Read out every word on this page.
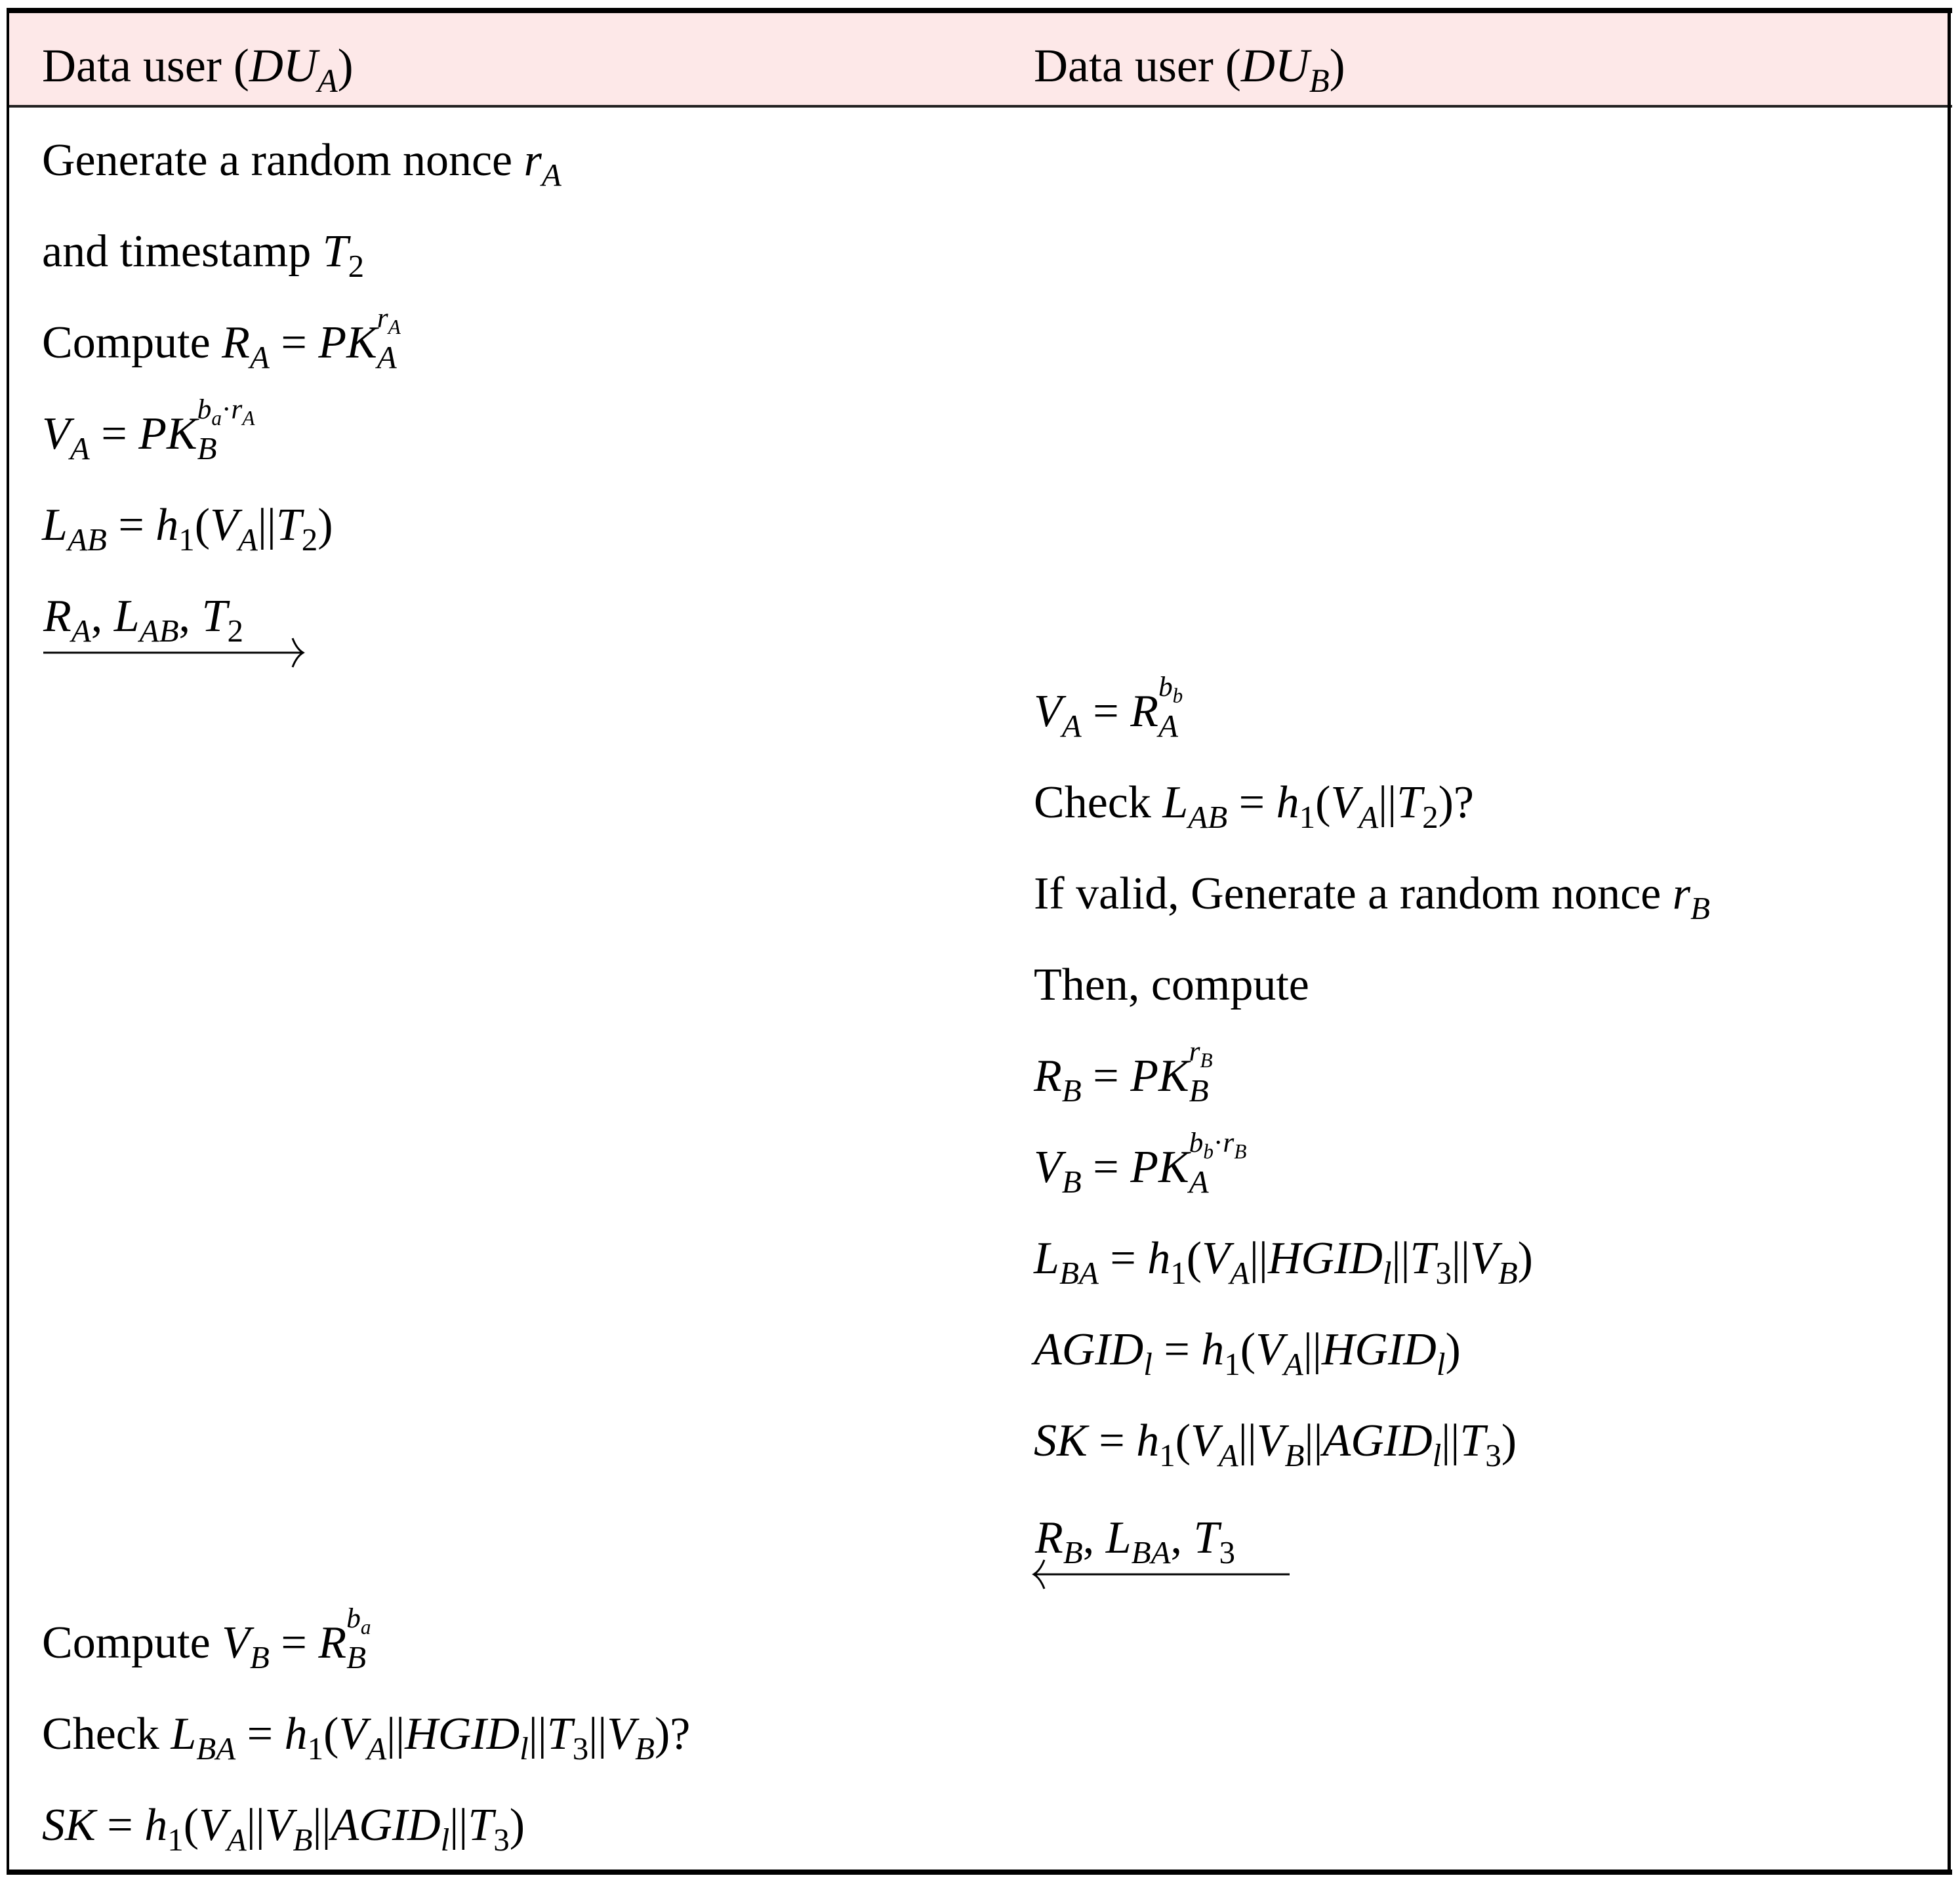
Data user $(DU_A)$	Data user $(DU_B)$
Generate a random nonce $r_A$
and timestamp $T_2$
Compute $R_A$ = PK $r_A$
$_A$
$V_A$ = PK $b_a\cdot r_A$
$_B$
$L_{AB} = h_1(V_A||T_2)$
Compute $V_B = R$ $b_a$
$_B$
Check $L_{BA}$ = $h_1(V_A||HGID_l||T_3||V_B)$?
SK = $h_1(V_A||V_B||AGID_l||T_3)$
$V_A = R$ $b_b$
$_A$
Check $L_{AB} = h_1(V_A||T_2)$?
If valid, Generate a random nonce $r_B$
Then, compute
$R_B$ = PK $r_B$
$_B$
$V_B$ = PK $b_b\cdot r_B$
$_A$
$L_{BA}$ = $h_1(V_A||HGID_l||T_3||V_B)$
$AGID_l$ = $h_1(V_A||HGID_l)$
SK = $h_1(V_A||V_B||AGID_l||T_3)$
$R_A$, $L_{AB}$, $T_2$
$R_B$, $L_{BA}$, $T_3$
